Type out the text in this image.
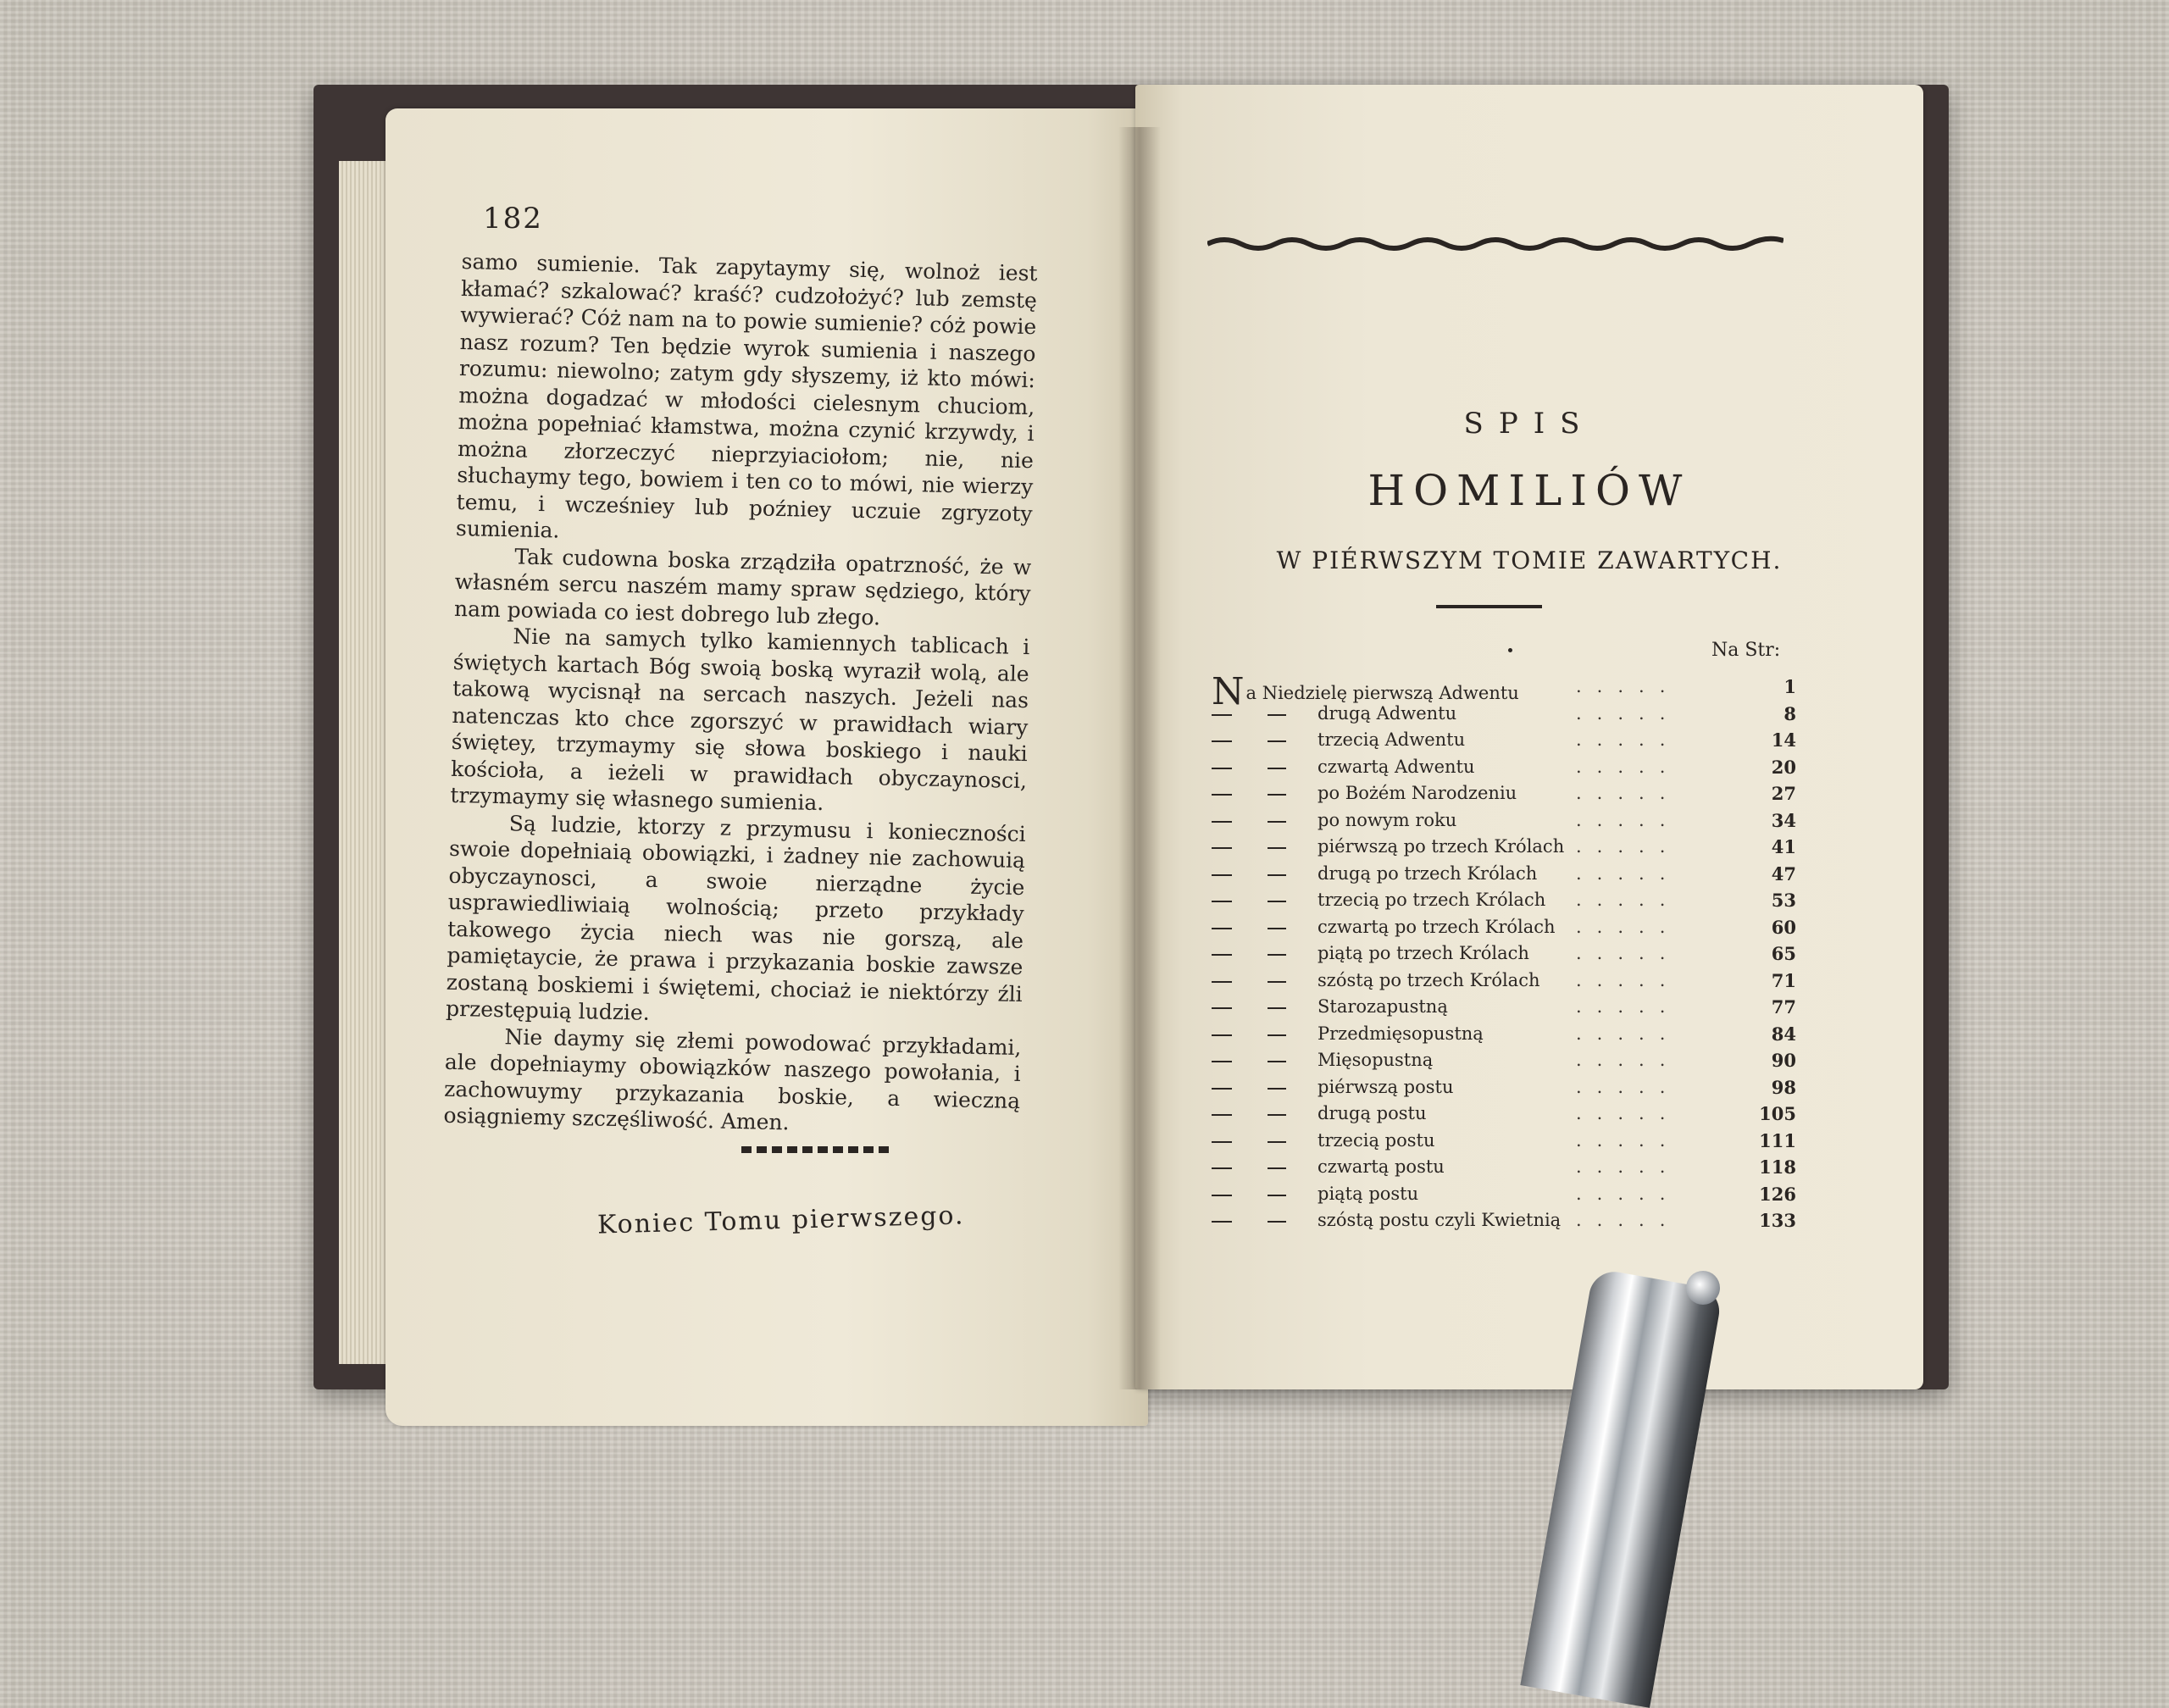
182

samo sumienie. Tak zapytaymy się, wolnoż iest kłamać? szkalować? kraść? cudzołożyć? lub zemstę wywierać? Cóż nam na to powie sumienie? cóż powie nasz rozum? Ten będzie wyrok sumienia i naszego rozumu: niewolno; zatym gdy słyszemy, iż kto mówi: można dogadzać w młodości cielesnym chuciom, można popełniać kłamstwa, można czynić krzywdy, i można złorzeczyć nieprzyiaciołom; nie, nie słuchaymy tego, bowiem i ten co to mówi, nie wierzy temu, i wcześniey lub poźniey uczuie zgryzoty sumienia.

Tak cudowna boska zrządziła opatrzność, że w własném sercu naszém mamy spraw sędziego, który nam powiada co iest dobrego lub złego.

Nie na samych tylko kamiennych tablicach i świętych kartach Bóg swoią boską wyraził wolą, ale takową wycisnął na sercach naszych. Jeżeli nas natenczas kto chce zgorszyć w prawidłach wiary świętey, trzymaymy się słowa boskiego i nauki kościoła, a ieżeli w prawidłach obyczaynosci, trzymaymy się własnego sumienia.

Są ludzie, ktorzy z przymusu i konieczności swoie dopełniaią obowiązki, i żadney nie zachowuią obyczaynosci, a swoie nierządne życie usprawiedliwiaią wolnością; przeto przykłady takowego życia niech was nie gorszą, ale pamiętaycie, że prawa i przykazania boskie zawsze zostaną boskiemi i świętemi, chociaż ie niektórzy źli przestępuią ludzie.

Nie daymy się złemi powodować przykładami, ale dopełniaymy obowiązków naszego powołania, i zachowuymy przykazania boskie, a wieczną osiągniemy szczęśliwość. Amen.

Koniec Tomu pierwszego.
SPIS
HOMILIÓW
W PIÉRWSZYM TOMIE ZAWARTYCH.
Na Str:
Na Niedzielę pierwszą Adwentu	.....	1
drugą Adwentu	.....	8
trzecią Adwentu	.....	14
czwartą Adwentu	.....	20
po Bożém Narodzeniu	.....	27
po nowym roku	.....	34
piérwszą po trzech Królach .....	41
drugą po trzech Królach .....	47
trzecią po trzech Królach .....	53
czwartą po trzech Królach .....	60
piątą po trzech Królach	.....	65
szóstą po trzech Królach .....	71
Starozapustną	.....	77
Przedmięsopustną	.....	84
Mięsopustną	.....	90
piérwszą postu	.....	98
drugą postu	.....	105
trzecią postu	.....	111
czwartą postu	.....	118
piątą postu	.....	126
szóstą postu czyli Kwietnią .....	133
